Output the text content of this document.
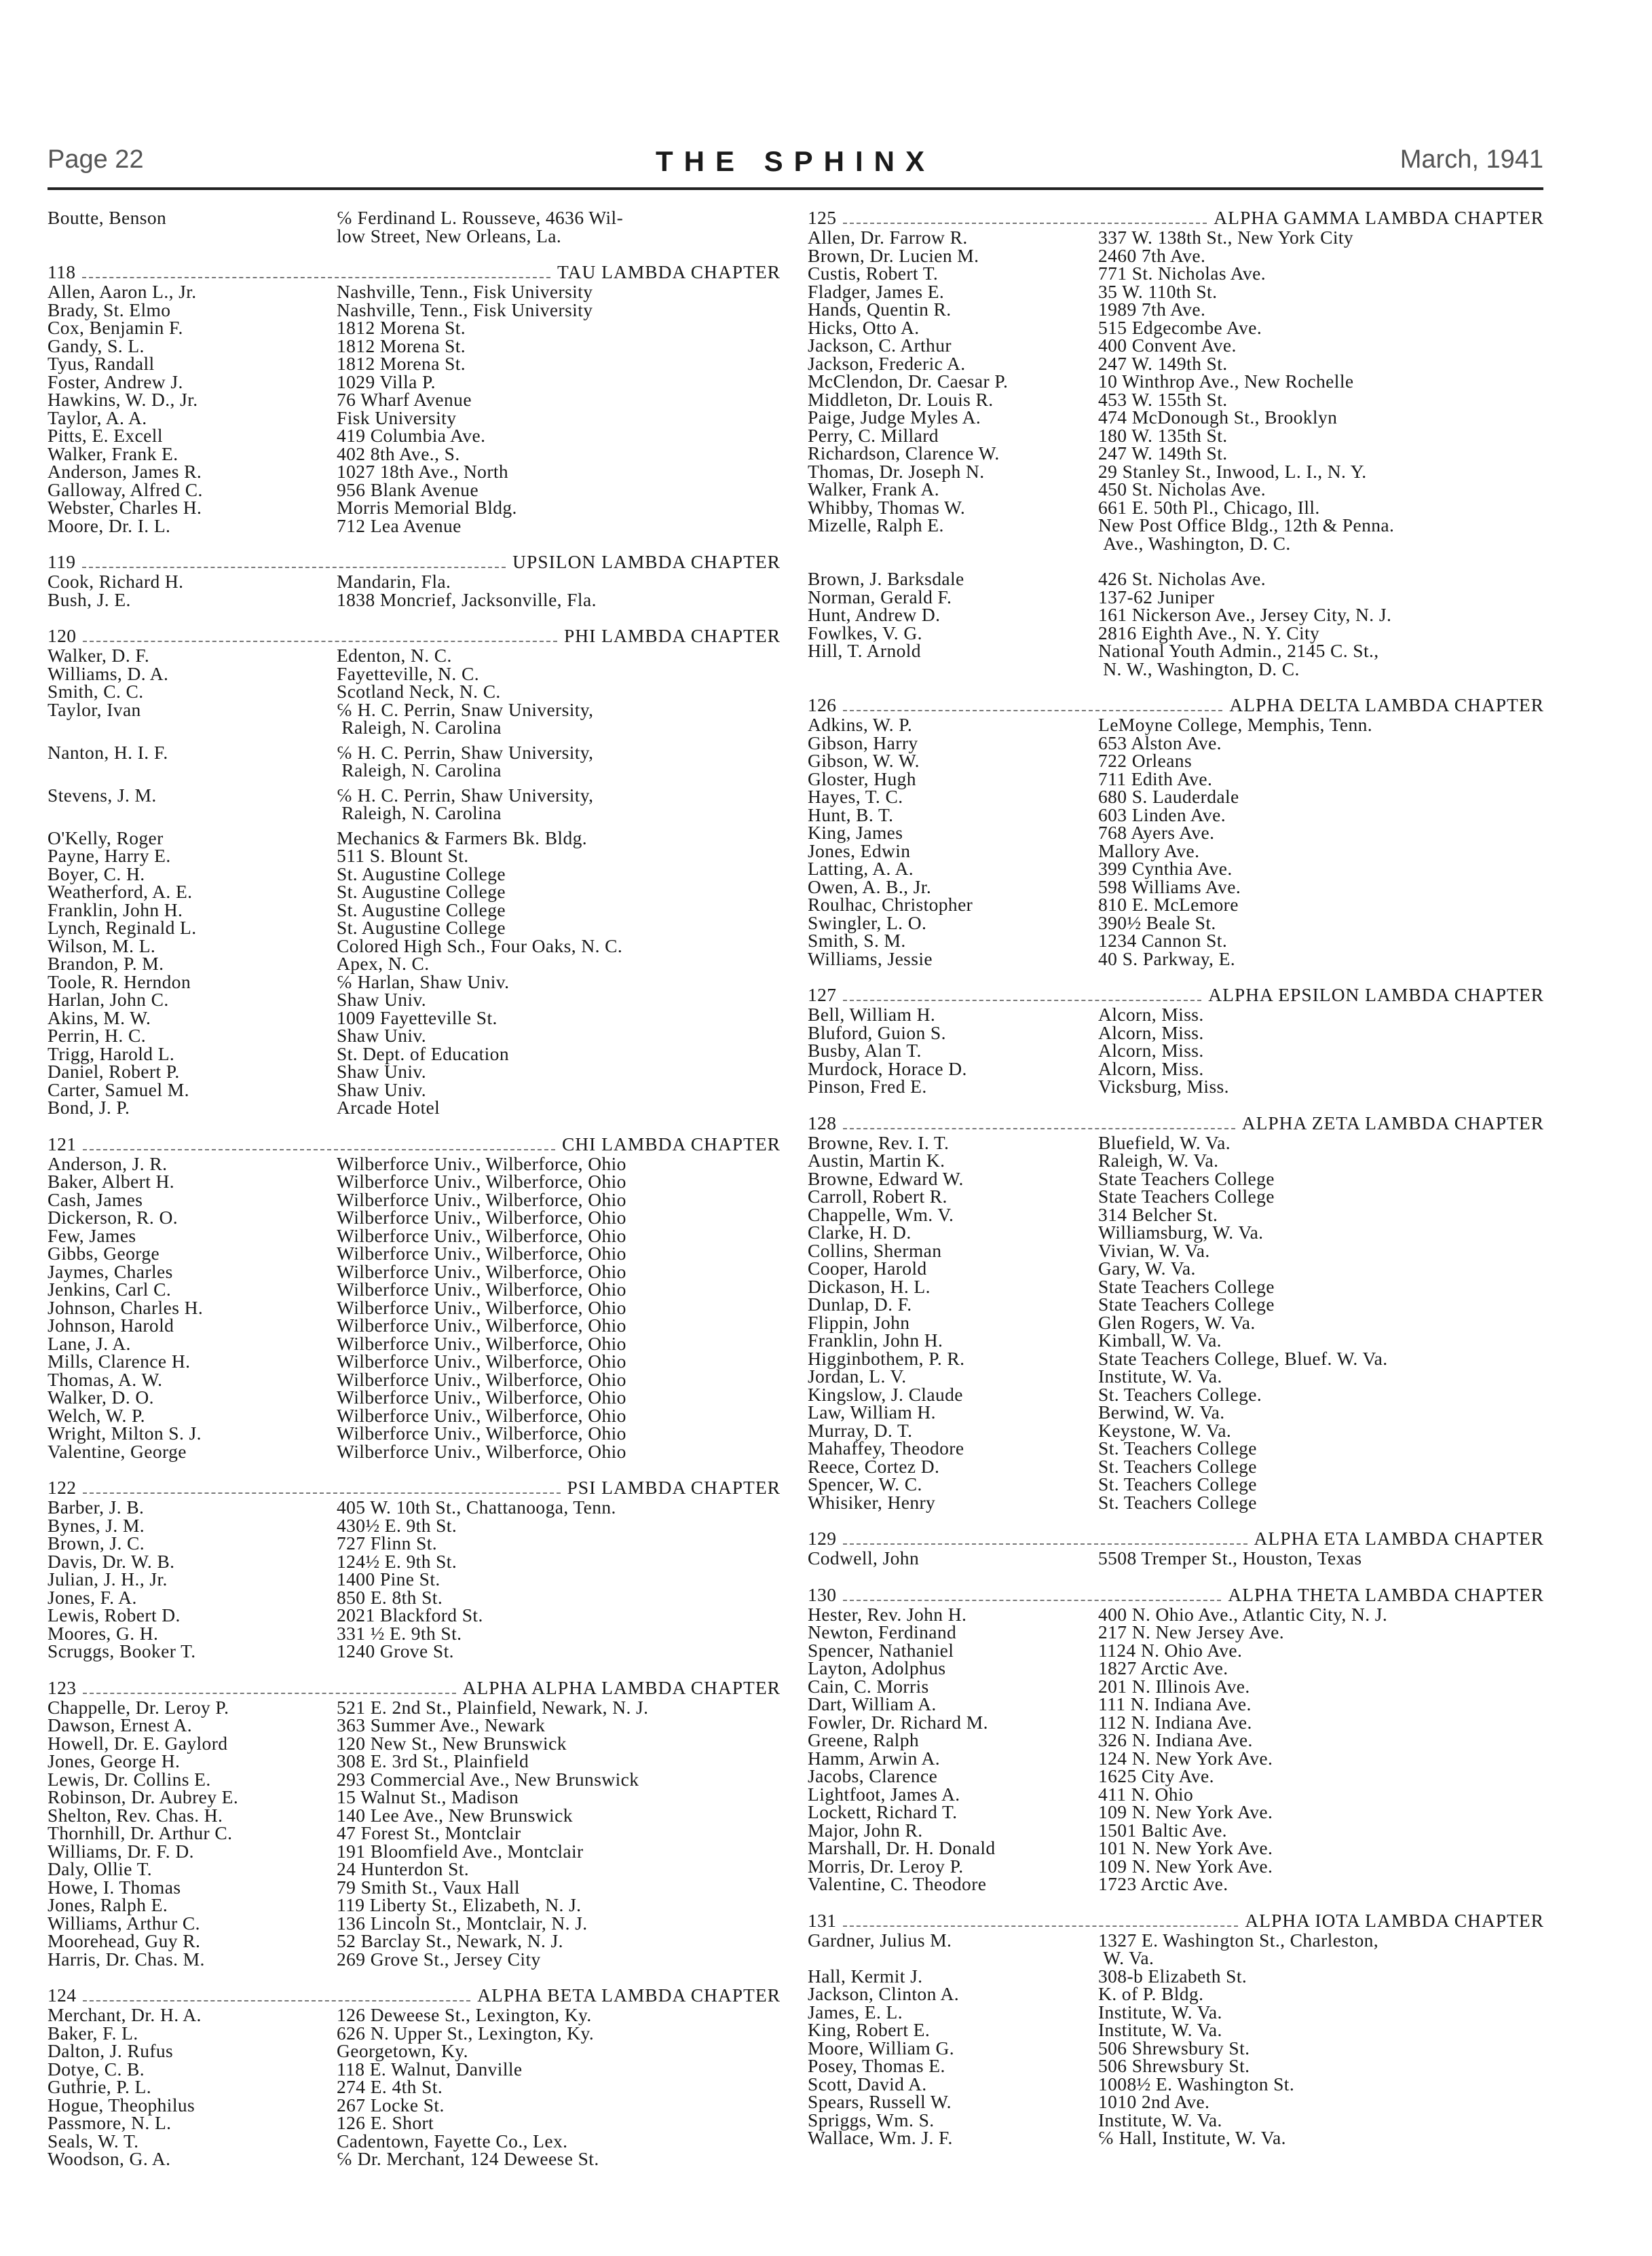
Page 22	THE SPHINX	March, 1941
Boutte, Benson	℅ Ferdinand L. Rousseve, 4636 Wil-
low Street, New Orleans, La.
118	TAU LAMBDA CHAPTER
Allen, Aaron L., Jr.	Nashville, Tenn., Fisk University
Brady, St. Elmo	Nashville, Tenn., Fisk University
Cox, Benjamin F.	1812 Morena St.
Gandy, S. L.	1812 Morena St.
Tyus, Randall	1812 Morena St.
Foster, Andrew J.	1029 Villa P.
Hawkins, W. D., Jr.	76 Wharf Avenue
Taylor, A. A.	Fisk University
Pitts, E. Excell	419 Columbia Ave.
Walker, Frank E.	402 8th Ave., S.
Anderson, James R.	1027 18th Ave., North
Galloway, Alfred C.	956 Blank Avenue
Webster, Charles H.	Morris Memorial Bldg.
Moore, Dr. I. L.	712 Lea Avenue
119	UPSILON LAMBDA CHAPTER
Cook, Richard H.	Mandarin, Fla.
Bush, J. E.	1838 Moncrief, Jacksonville, Fla.
120	PHI LAMBDA CHAPTER
Walker, D. F.	Edenton, N. C.
Williams, D. A.	Fayetteville, N. C.
Smith, C. C.	Scotland Neck, N. C.
Taylor, Ivan	℅ H. C. Perrin, Snaw University,
Raleigh, N. Carolina
Nanton, H. I. F.	℅ H. C. Perrin, Shaw University,
Raleigh, N. Carolina
Stevens, J. M.	℅ H. C. Perrin, Shaw University,
Raleigh, N. Carolina
O'Kelly, Roger	Mechanics & Farmers Bk. Bldg.
Payne, Harry E.	511 S. Blount St.
Boyer, C. H.	St. Augustine College
Weatherford, A. E.	St. Augustine College
Franklin, John H.	St. Augustine College
Lynch, Reginald L.	St. Augustine College
Wilson, M. L.	Colored High Sch., Four Oaks, N. C.
Brandon, P. M.	Apex, N. C.
Toole, R. Herndon	℅ Harlan, Shaw Univ.
Harlan, John C.	Shaw Univ.
Akins, M. W.	1009 Fayetteville St.
Perrin, H. C.	Shaw Univ.
Trigg, Harold L.	St. Dept. of Education
Daniel, Robert P.	Shaw Univ.
Carter, Samuel M.	Shaw Univ.
Bond, J. P.	Arcade Hotel
121	CHI LAMBDA CHAPTER
Anderson, J. R.	Wilberforce Univ., Wilberforce, Ohio
Baker, Albert H.	Wilberforce Univ., Wilberforce, Ohio
Cash, James	Wilberforce Univ., Wilberforce, Ohio
Dickerson, R. O.	Wilberforce Univ., Wilberforce, Ohio
Few, James	Wilberforce Univ., Wilberforce, Ohio
Gibbs, George	Wilberforce Univ., Wilberforce, Ohio
Jaymes, Charles	Wilberforce Univ., Wilberforce, Ohio
Jenkins, Carl C.	Wilberforce Univ., Wilberforce, Ohio
Johnson, Charles H.	Wilberforce Univ., Wilberforce, Ohio
Johnson, Harold	Wilberforce Univ., Wilberforce, Ohio
Lane, J. A.	Wilberforce Univ., Wilberforce, Ohio
Mills, Clarence H.	Wilberforce Univ., Wilberforce, Ohio
Thomas, A. W.	Wilberforce Univ., Wilberforce, Ohio
Walker, D. O.	Wilberforce Univ., Wilberforce, Ohio
Welch, W. P.	Wilberforce Univ., Wilberforce, Ohio
Wright, Milton S. J.	Wilberforce Univ., Wilberforce, Ohio
Valentine, George	Wilberforce Univ., Wilberforce, Ohio
122	PSI LAMBDA CHAPTER
Barber, J. B.	405 W. 10th St., Chattanooga, Tenn.
Bynes, J. M.	430½ E. 9th St.
Brown, J. C.	727 Flinn St.
Davis, Dr. W. B.	124½ E. 9th St.
Julian, J. H., Jr.	1400 Pine St.
Jones, F. A.	850 E. 8th St.
Lewis, Robert D.	2021 Blackford St.
Moores, G. H.	331 ½ E. 9th St.
Scruggs, Booker T.	1240 Grove St.
123	ALPHA ALPHA LAMBDA CHAPTER
Chappelle, Dr. Leroy P.	521 E. 2nd St., Plainfield, Newark, N. J.
Dawson, Ernest A.	363 Summer Ave., Newark
Howell, Dr. E. Gaylord	120 New St., New Brunswick
Jones, George H.	308 E. 3rd St., Plainfield
Lewis, Dr. Collins E.	293 Commercial Ave., New Brunswick
Robinson, Dr. Aubrey E.	15 Walnut St., Madison
Shelton, Rev. Chas. H.	140 Lee Ave., New Brunswick
Thornhill, Dr. Arthur C.	47 Forest St., Montclair
Williams, Dr. F. D.	191 Bloomfield Ave., Montclair
Daly, Ollie T.	24 Hunterdon St.
Howe, I. Thomas	79 Smith St., Vaux Hall
Jones, Ralph E.	119 Liberty St., Elizabeth, N. J.
Williams, Arthur C.	136 Lincoln St., Montclair, N. J.
Moorehead, Guy R.	52 Barclay St., Newark, N. J.
Harris, Dr. Chas. M.	269 Grove St., Jersey City
124	ALPHA BETA LAMBDA CHAPTER
Merchant, Dr. H. A.	126 Deweese St., Lexington, Ky.
Baker, F. L.	626 N. Upper St., Lexington, Ky.
Dalton, J. Rufus	Georgetown, Ky.
Dotye, C. B.	118 E. Walnut, Danville
Guthrie, P. L.	274 E. 4th St.
Hogue, Theophilus	267 Locke St.
Passmore, N. L.	126 E. Short
Seals, W. T.	Cadentown, Fayette Co., Lex.
Woodson, G. A.	℅ Dr. Merchant, 124 Deweese St.
125	ALPHA GAMMA LAMBDA CHAPTER
Allen, Dr. Farrow R.	337 W. 138th St., New York City
Brown, Dr. Lucien M.	2460 7th Ave.
Custis, Robert T.	771 St. Nicholas Ave.
Fladger, James E.	35 W. 110th St.
Hands, Quentin R.	1989 7th Ave.
Hicks, Otto A.	515 Edgecombe Ave.
Jackson, C. Arthur	400 Convent Ave.
Jackson, Frederic A.	247 W. 149th St.
McClendon, Dr. Caesar P.	10 Winthrop Ave., New Rochelle
Middleton, Dr. Louis R.	453 W. 155th St.
Paige, Judge Myles A.	474 McDonough St., Brooklyn
Perry, C. Millard	180 W. 135th St.
Richardson, Clarence W.	247 W. 149th St.
Thomas, Dr. Joseph N.	29 Stanley St., Inwood, L. I., N. Y.
Walker, Frank A.	450 St. Nicholas Ave.
Whibby, Thomas W.	661 E. 50th Pl., Chicago, Ill.
Mizelle, Ralph E.	New Post Office Bldg., 12th & Penna.
Ave., Washington, D. C.
Brown, J. Barksdale	426 St. Nicholas Ave.
Norman, Gerald F.	137-62 Juniper
Hunt, Andrew D.	161 Nickerson Ave., Jersey City, N. J.
Fowlkes, V. G.	2816 Eighth Ave., N. Y. City
Hill, T. Arnold	National Youth Admin., 2145 C. St.,
N. W., Washington, D. C.
126	ALPHA DELTA LAMBDA CHAPTER
Adkins, W. P.	LeMoyne College, Memphis, Tenn.
Gibson, Harry	653 Alston Ave.
Gibson, W. W.	722 Orleans
Gloster, Hugh	711 Edith Ave.
Hayes, T. C.	680 S. Lauderdale
Hunt, B. T.	603 Linden Ave.
King, James	768 Ayers Ave.
Jones, Edwin	Mallory Ave.
Latting, A. A.	399 Cynthia Ave.
Owen, A. B., Jr.	598 Williams Ave.
Roulhac, Christopher	810 E. McLemore
Swingler, L. O.	390½ Beale St.
Smith, S. M.	1234 Cannon St.
Williams, Jessie	40 S. Parkway, E.
127	ALPHA EPSILON LAMBDA CHAPTER
Bell, William H.	Alcorn, Miss.
Bluford, Guion S.	Alcorn, Miss.
Busby, Alan T.	Alcorn, Miss.
Murdock, Horace D.	Alcorn, Miss.
Pinson, Fred E.	Vicksburg, Miss.
128	ALPHA ZETA LAMBDA CHAPTER
Browne, Rev. I. T.	Bluefield, W. Va.
Austin, Martin K.	Raleigh, W. Va.
Browne, Edward W.	State Teachers College
Carroll, Robert R.	State Teachers College
Chappelle, Wm. V.	314 Belcher St.
Clarke, H. D.	Williamsburg, W. Va.
Collins, Sherman	Vivian, W. Va.
Cooper, Harold	Gary, W. Va.
Dickason, H. L.	State Teachers College
Dunlap, D. F.	State Teachers College
Flippin, John	Glen Rogers, W. Va.
Franklin, John H.	Kimball, W. Va.
Higginbothem, P. R.	State Teachers College, Bluef. W. Va.
Jordan, L. V.	Institute, W. Va.
Kingslow, J. Claude	St. Teachers College.
Law, William H.	Berwind, W. Va.
Murray, D. T.	Keystone, W. Va.
Mahaffey, Theodore	St. Teachers College
Reece, Cortez D.	St. Teachers College
Spencer, W. C.	St. Teachers College
Whisiker, Henry	St. Teachers College
129	ALPHA ETA LAMBDA CHAPTER
Codwell, John	5508 Tremper St., Houston, Texas
130	ALPHA THETA LAMBDA CHAPTER
Hester, Rev. John H.	400 N. Ohio Ave., Atlantic City, N. J.
Newton, Ferdinand	217 N. New Jersey Ave.
Spencer, Nathaniel	1124 N. Ohio Ave.
Layton, Adolphus	1827 Arctic Ave.
Cain, C. Morris	201 N. Illinois Ave.
Dart, William A.	111 N. Indiana Ave.
Fowler, Dr. Richard M.	112 N. Indiana Ave.
Greene, Ralph	326 N. Indiana Ave.
Hamm, Arwin A.	124 N. New York Ave.
Jacobs, Clarence	1625 City Ave.
Lightfoot, James A.	411 N. Ohio
Lockett, Richard T.	109 N. New York Ave.
Major, John R.	1501 Baltic Ave.
Marshall, Dr. H. Donald	101 N. New York Ave.
Morris, Dr. Leroy P.	109 N. New York Ave.
Valentine, C. Theodore	1723 Arctic Ave.
131	ALPHA IOTA LAMBDA CHAPTER
Gardner, Julius M.	1327 E. Washington St., Charleston,
W. Va.
Hall, Kermit J.	308-b Elizabeth St.
Jackson, Clinton A.	K. of P. Bldg.
James, E. L.	Institute, W. Va.
King, Robert E.	Institute, W. Va.
Moore, William G.	506 Shrewsbury St.
Posey, Thomas E.	506 Shrewsbury St.
Scott, David A.	1008½ E. Washington St.
Spears, Russell W.	1010 2nd Ave.
Spriggs, Wm. S.	Institute, W. Va.
Wallace, Wm. J. F.	℅ Hall, Institute, W. Va.
